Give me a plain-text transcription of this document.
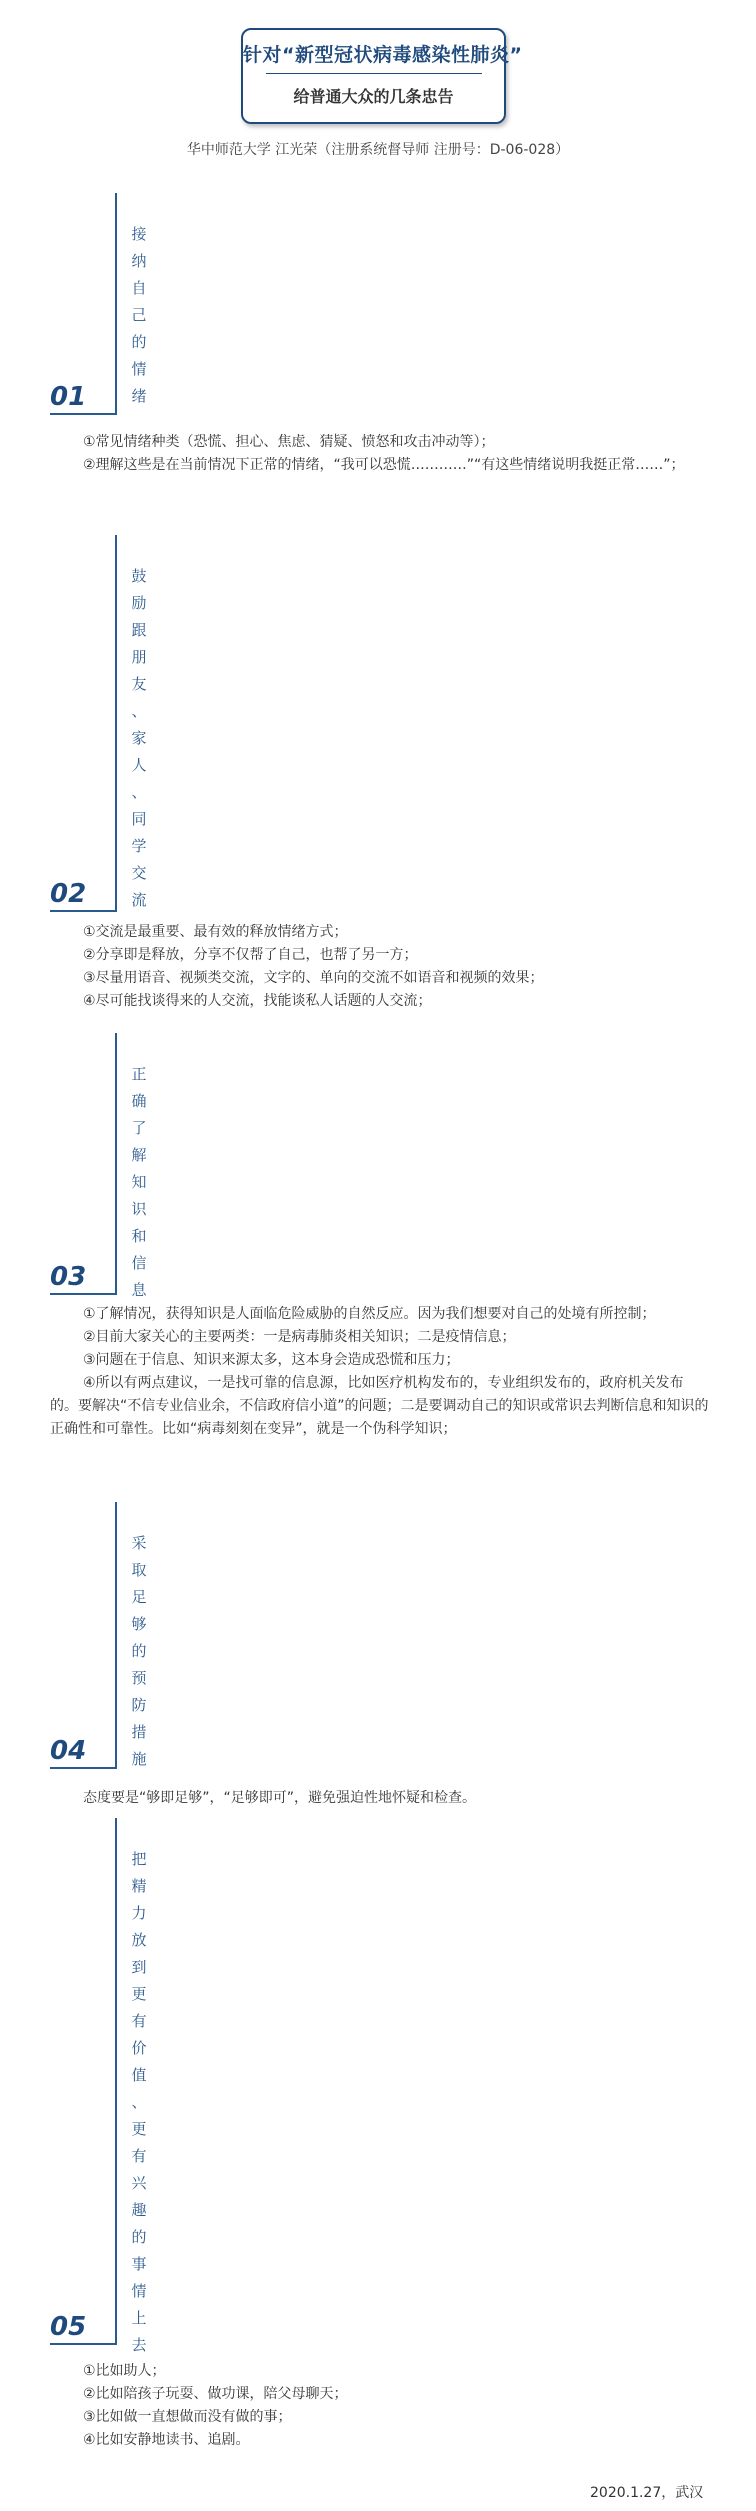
针对“新型冠状病毒感染性肺炎”
给普通大众的几条忠告
华中师范大学 江光荣（注册系统督导师 注册号：D-06-028）
01
接
纳
自
己
的
情
绪

①常见情绪种类（恐慌、担心、焦虑、猜疑、愤怒和攻击冲动等）；

②理解这些是在当前情况下正常的情绪，“我可以恐慌…………”“有这些情绪说明我挺正常……”；

02
鼓
励
跟
朋
友
、
家
人
、
同
学
交
流

①交流是最重要、最有效的释放情绪方式；

②分享即是释放，分享不仅帮了自己，也帮了另一方；

③尽量用语音、视频类交流，文字的、单向的交流不如语音和视频的效果；

④尽可能找谈得来的人交流，找能谈私人话题的人交流；

03
正
确
了
解
知
识
和
信
息

①了解情况，获得知识是人面临危险威胁的自然反应。因为我们想要对自己的处境有所控制；

②目前大家关心的主要两类：一是病毒肺炎相关知识；二是疫情信息；

③问题在于信息、知识来源太多，这本身会造成恐慌和压力；

④所以有两点建议，一是找可靠的信息源，比如医疗机构发布的，专业组织发布的，政府机关发布的。要解决“不信专业信业余，不信政府信小道”的问题；二是要调动自己的知识或常识去判断信息和知识的正确性和可靠性。比如“病毒刻刻在变异”，就是一个伪科学知识；

04
采
取
足
够
的
预
防
措
施

态度要是“够即足够”，“足够即可”，避免强迫性地怀疑和检查。

05
把
精
力
放
到
更
有
价
值
、
更
有
兴
趣
的
事
情
上
去

①比如助人；

②比如陪孩子玩耍、做功课，陪父母聊天；

③比如做一直想做而没有做的事；

④比如安静地读书、追剧。

2020.1.27，武汉
